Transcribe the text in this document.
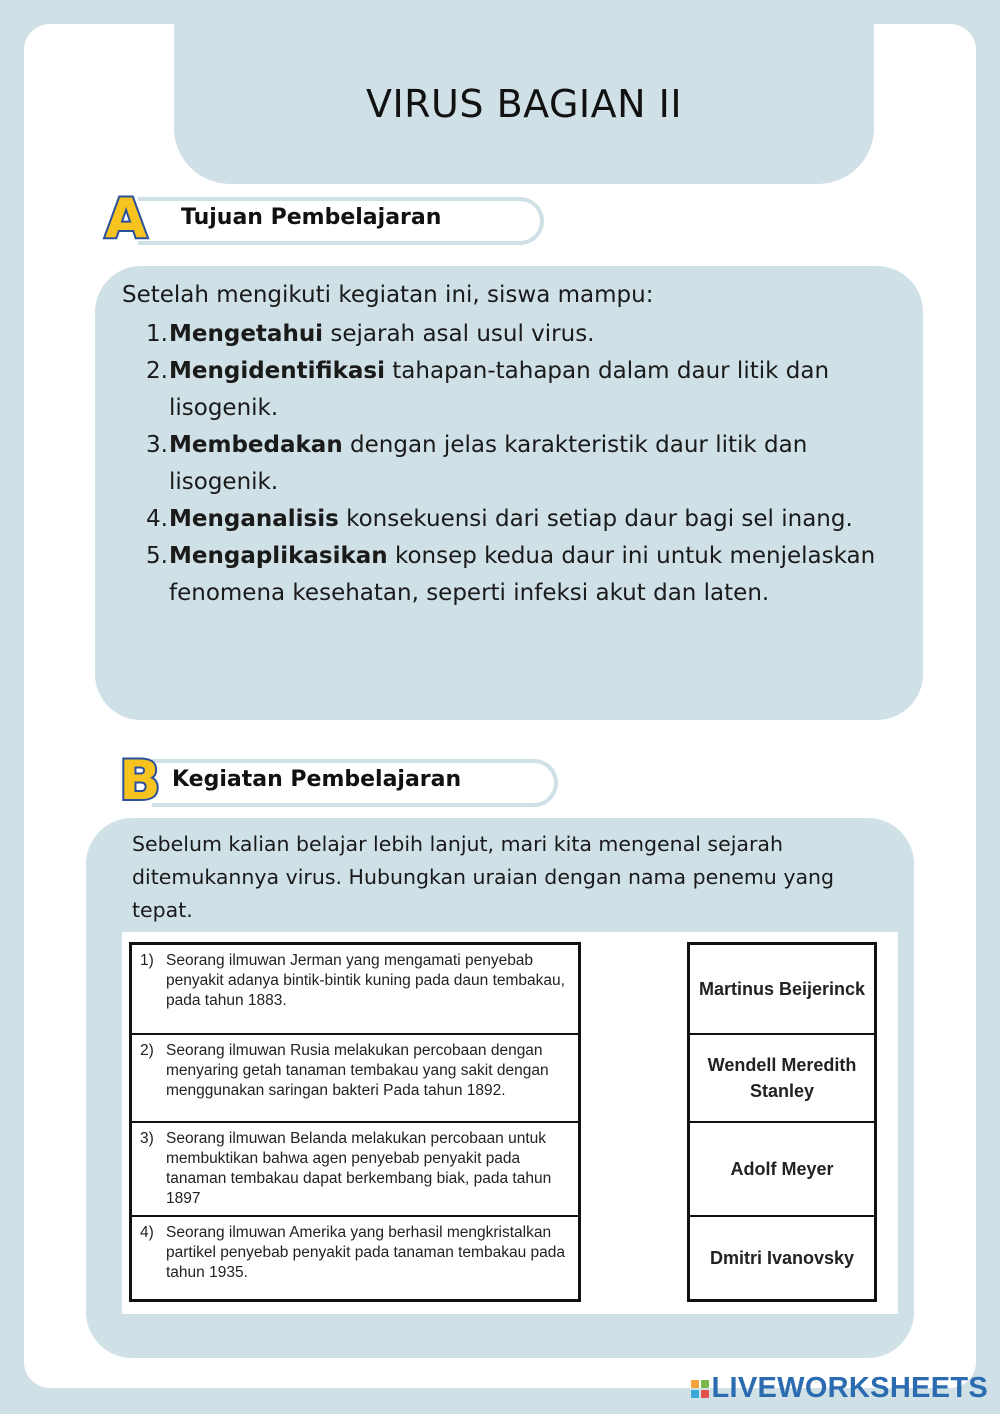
VIRUS BAGIAN II
A Tujuan Pembelajaran
Setelah mengikuti kegiatan ini, siswa mampu:
1. Mengetahui sejarah asal usul virus.
2. Mengidentifikasi tahapan-tahapan dalam daur litik dan lisogenik.
3. Membedakan dengan jelas karakteristik daur litik dan lisogenik.
4. Menganalisis konsekuensi dari setiap daur bagi sel inang.
5. Mengaplikasikan konsep kedua daur ini untuk menjelaskan fenomena kesehatan, seperti infeksi akut dan laten.
B Kegiatan Pembelajaran
Sebelum kalian belajar lebih lanjut, mari kita mengenal sejarah ditemukannya virus. Hubungkan uraian dengan nama penemu yang tepat.
1) Seorang ilmuwan Jerman yang mengamati penyebab penyakit adanya bintik-bintik kuning pada daun tembakau, pada tahun 1883.
2) Seorang ilmuwan Rusia melakukan percobaan dengan menyaring getah tanaman tembakau yang sakit dengan menggunakan saringan bakteri Pada tahun 1892.
3) Seorang ilmuwan Belanda melakukan percobaan untuk membuktikan bahwa agen penyebab penyakit pada tanaman tembakau dapat berkembang biak, pada tahun 1897
4) Seorang ilmuwan Amerika yang berhasil mengkristalkan partikel penyebab penyakit pada tanaman tembakau pada tahun 1935.
Martinus Beijerinck
Wendell Meredith Stanley
Adolf Meyer
Dmitri Ivanovsky
LIVEWORKSHEETS
